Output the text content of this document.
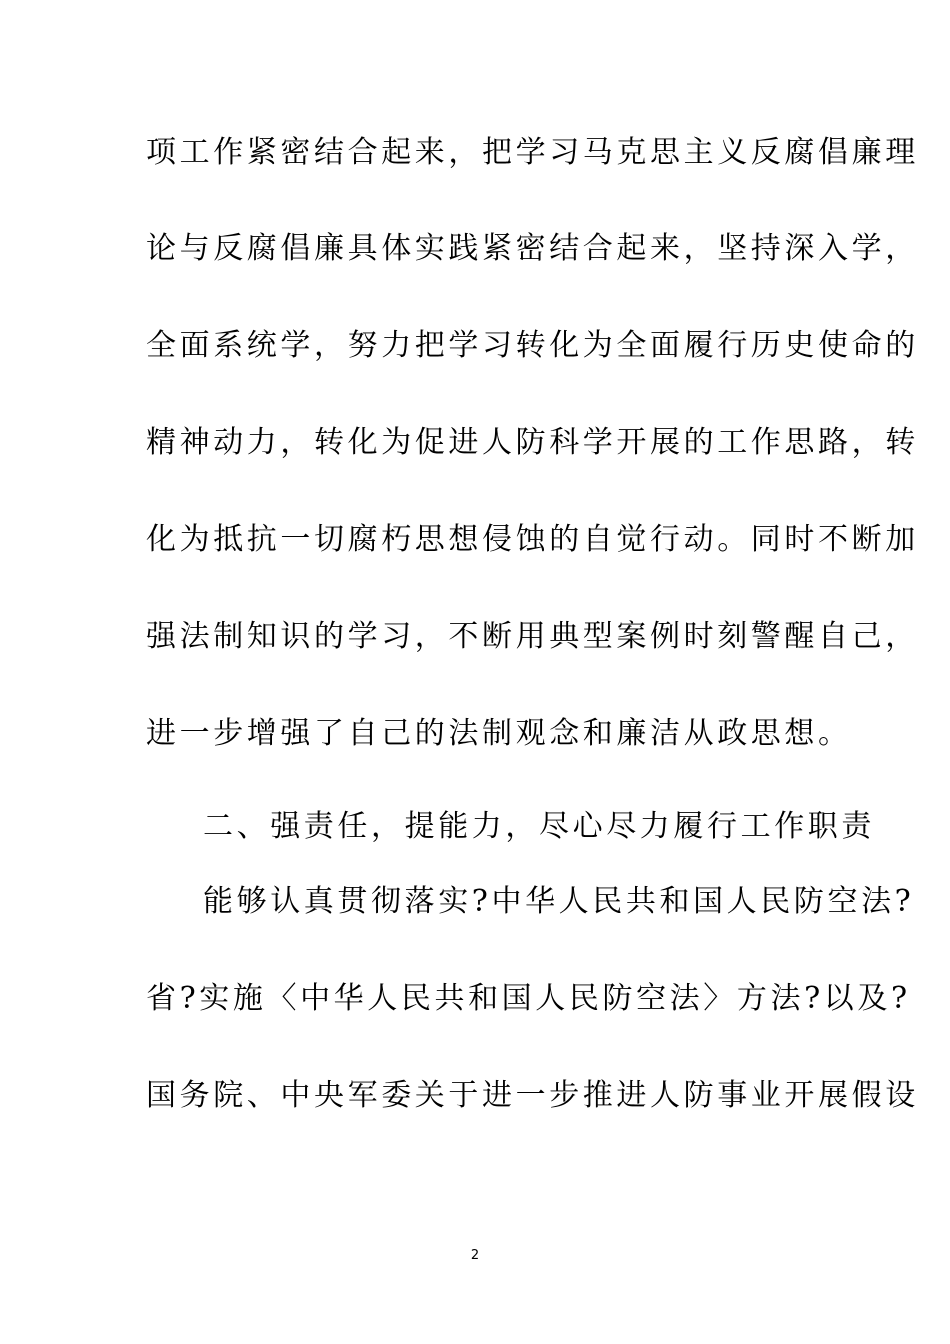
项工作紧密结合起来，把学习马克思主义反腐倡廉理
论与反腐倡廉具体实践紧密结合起来，坚持深入学，
全面系统学，努力把学习转化为全面履行历史使命的
精神动力，转化为促进人防科学开展的工作思路，转
化为抵抗一切腐朽思想侵蚀的自觉行动。同时不断加
强法制知识的学习，不断用典型案例时刻警醒自己，
进一步增强了自己的法制观念和廉洁从政思想。
二、强责任，提能力，尽心尽力履行工作职责
能够认真贯彻落实?中华人民共和国人民防空法?
省?实施〈中华人民共和国人民防空法〉方法?以及?
国务院、中央军委关于进一步推进人防事业开展假设
2
